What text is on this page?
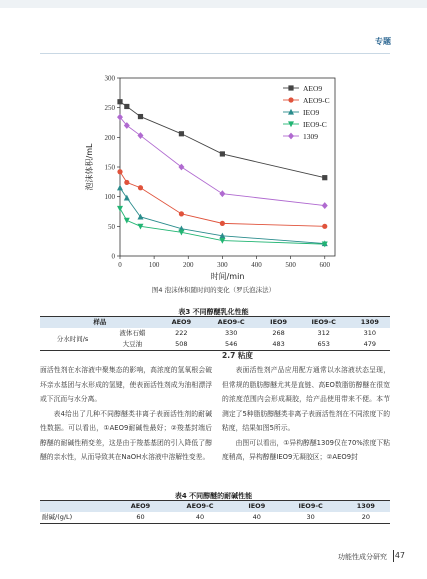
专题
0
50
100
150
200
250
300
0	100	200	300	400	500	600
时间/min
泡沫体积/mL
AEO9
AEO9-C
IEO9
IEO9-C
1309
图4 泡沫体积随时间的变化（罗氏泡沫法）
表3 不同醇醚乳化性能
样品		AEO9	AEO9-C	IEO9	IEO9-C	1309
分水时间/s	液体石蜡	222	330	268	312	310
	大豆油	508	546	483	653	479
面活性剂在水溶液中聚集态的影响，高浓度的氢氧根会破坏亲水基团与水形成的氢键，使表面活性剂成为油相漂浮或下沉而与水分离。
表4给出了几种不同醇醚类非离子表面活性剂的耐碱性数据。可以看出，①AEO9耐碱性最好；②羧基封端后醇醚的耐碱性稍变差，这是由于羧基基团的引入降低了醇醚的亲水性，从而导致其在NaOH水溶液中溶解性变差。
2.7 粘度
表面活性剂产品应用配方通常以水溶液状态呈现，但常规的脂肪醇醚尤其是直链、高EO数脂肪醇醚在很宽的浓度范围内会形成凝胶，给产品使用带来不便。本节测定了5种脂肪醇醚类非离子表面活性剂在不同浓度下的粘度，结果如图5所示。
由图可以看出，①异构醇醚1309仅在70%浓度下粘度稍高，异构醇醚IEO9无凝胶区；②AEO9封
表4 不同醇醚的耐碱性能
	AEO9	AEO9-C	IEO9	IEO9-C	1309
耐碱/(g/L)	60	40	40	30	20
功能性成分研究 47
